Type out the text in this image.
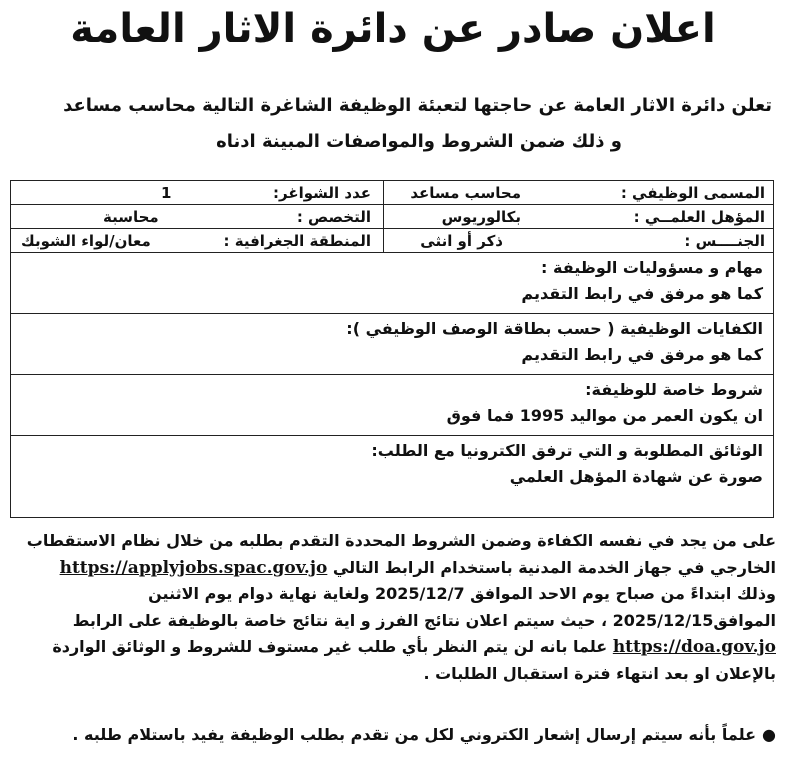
اعلان صادر عن دائرة الاثار العامة
تعلن دائرة الاثار العامة عن حاجتها لتعبئة الوظيفة الشاغرة التالية محاسب مساعد
و ذلك ضمن الشروط والمواصفات المبينة ادناه
المسمى الوظيفي :
محاسب مساعد
عدد الشواغر:
1
المؤهل العلمــي :
بكالوريوس
التخصص :
محاسبة
الجنــــس :
ذكر أو انثى
المنطقة الجغرافية :
معان/لواء الشوبك
مهام و مسؤوليات الوظيفة :
كما هو مرفق في رابط التقديم
الكفايات الوظيفية ( حسب بطاقة الوصف الوظيفي ):
كما هو مرفق في رابط التقديم
شروط خاصة للوظيفة:
ان يكون العمر من مواليد 1995 فما فوق
الوثائق المطلوبة و التي ترفق الكترونيا مع الطلب:
صورة عن شهادة المؤهل العلمي
على من يجد في نفسه الكفاءة وضمن الشروط المحددة التقدم بطلبه من خلال نظام الاستقطاب
الخارجي في جهاز الخدمة المدنية باستخدام الرابط التالي https://applyjobs.spac.gov.jo
وذلك ابتداءً من صباح يوم الاحد الموافق 2025/12/7 ولغاية نهاية دوام يوم الاثنين
الموافق2025/12/15 ، حيث سيتم اعلان نتائج الفرز و اية نتائج خاصة بالوظيفة على الرابط
https://doa.gov.jo علما بانه لن يتم النظر بأي طلب غير مستوف للشروط و الوثائق الواردة
بالإعلان او بعد انتهاء فترة استقبال الطلبات .
●علماً بأنه سيتم إرسال إشعار الكتروني لكل من تقدم بطلب الوظيفة يفيد باستلام طلبه .
